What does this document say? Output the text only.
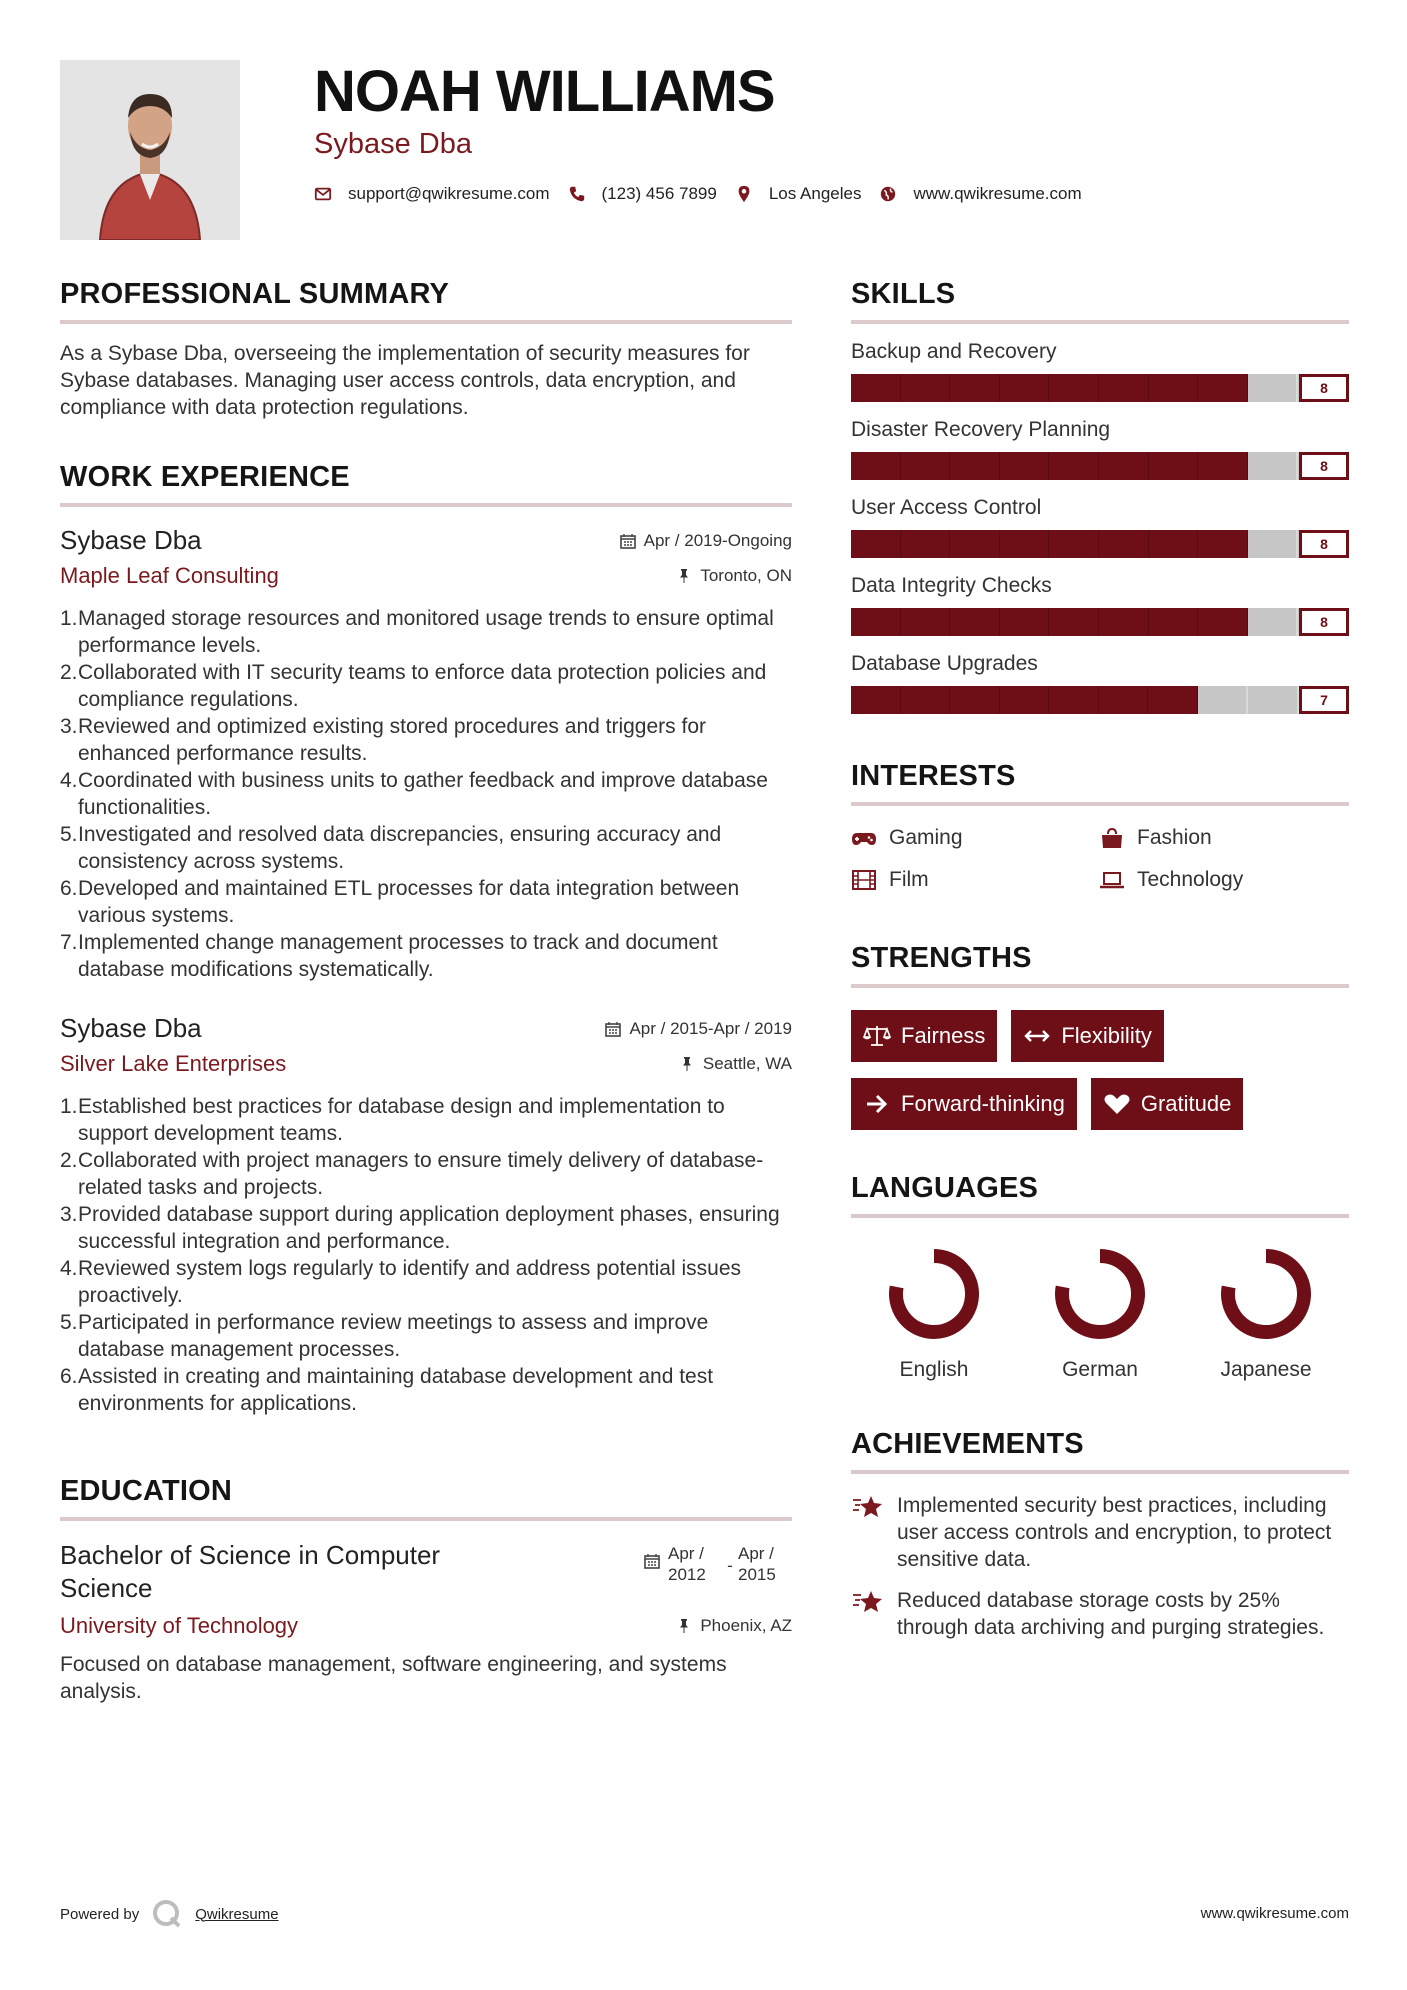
NOAH WILLIAMS
Sybase Dba
support@qwikresume.com	(123) 456 7899	Los Angeles	www.qwikresume.com
PROFESSIONAL SUMMARY
As a Sybase Dba, overseeing the implementation of security measures for Sybase databases. Managing user access controls, data encryption, and compliance with data protection regulations.
WORK EXPERIENCE
Sybase Dba	Apr / 2019-Ongoing
Maple Leaf Consulting	Toronto, ON
1. Managed storage resources and monitored usage trends to ensure optimal performance levels.
2. Collaborated with IT security teams to enforce data protection policies and compliance regulations.
3. Reviewed and optimized existing stored procedures and triggers for enhanced performance results.
4. Coordinated with business units to gather feedback and improve database functionalities.
5. Investigated and resolved data discrepancies, ensuring accuracy and consistency across systems.
6. Developed and maintained ETL processes for data integration between various systems.
7. Implemented change management processes to track and document database modifications systematically.
Sybase Dba	Apr / 2015-Apr / 2019
Silver Lake Enterprises	Seattle, WA
1. Established best practices for database design and implementation to support development teams.
2. Collaborated with project managers to ensure timely delivery of database-related tasks and projects.
3. Provided database support during application deployment phases, ensuring successful integration and performance.
4. Reviewed system logs regularly to identify and address potential issues proactively.
5. Participated in performance review meetings to assess and improve database management processes.
6. Assisted in creating and maintaining database development and test environments for applications.
EDUCATION
Bachelor of Science in Computer Science
Apr /
2012	-
Apr /
2015
University of Technology	Phoenix, AZ
Focused on database management, software engineering, and systems analysis.
SKILLS
Backup and Recovery
8
Disaster Recovery Planning
8
User Access Control
8
Data Integrity Checks
8
Database Upgrades
7
INTERESTS
Gaming	Fashion
Film	Technology
STRENGTHS
Fairness	Flexibility
Forward-thinking	Gratitude
LANGUAGES
English	German	Japanese
ACHIEVEMENTS
Implemented security best practices, including user access controls and encryption, to protect sensitive data.
Reduced database storage costs by 25% through data archiving and purging strategies.
Powered by	Qwikresume	www.qwikresume.com
